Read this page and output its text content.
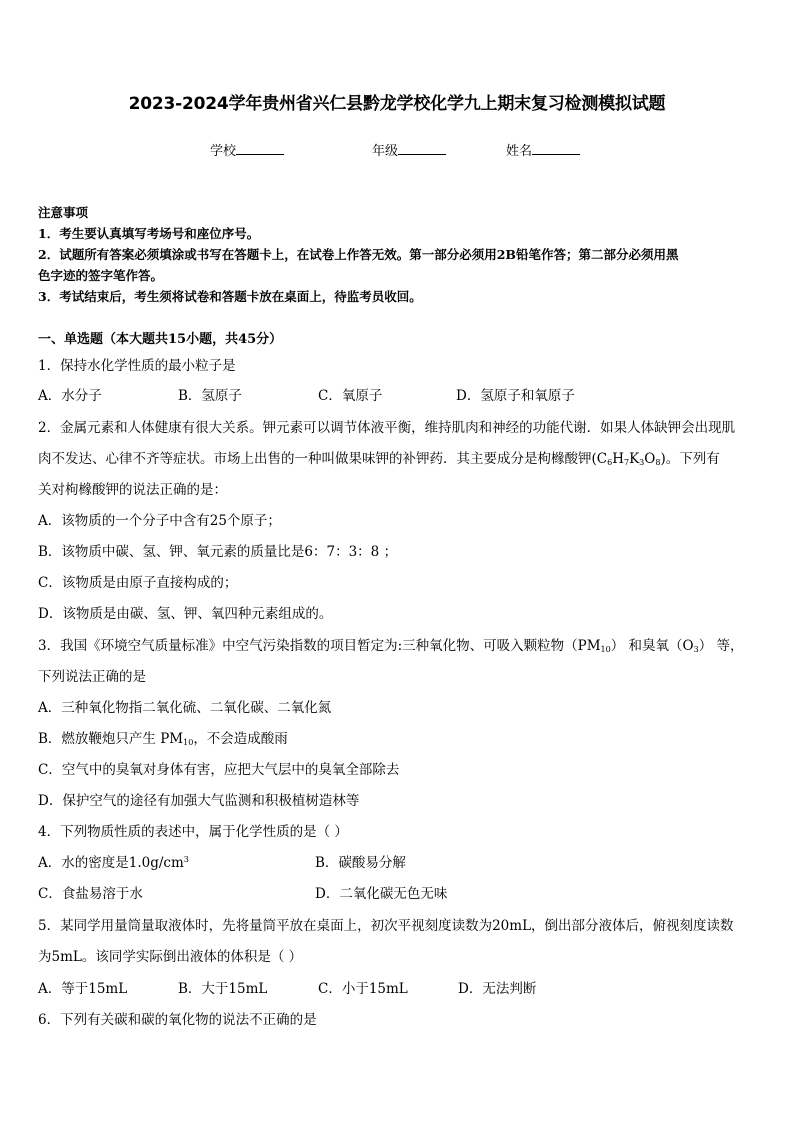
2023-2024学年贵州省兴仁县黔龙学校化学九上期末复习检测模拟试题
学校	年级	姓名
注意事项
1．考生要认真填写考场号和座位序号。
2．试题所有答案必须填涂或书写在答题卡上，在试卷上作答无效。第一部分必须用2B铅笔作答；第二部分必须用黑
色字迹的签字笔作答。
3．考试结束后，考生须将试卷和答题卡放在桌面上，待监考员收回。
一、单选题（本大题共15小题，共45分）
1．保持水化学性质的最小粒子是
A．水分子	B．氢原子	C．氧原子	D．氢原子和氧原子
2．金属元素和人体健康有很大关系。钾元素可以调节体液平衡，维持肌肉和神经的功能代谢．如果人体缺钾会出现肌
肉不发达、心律不齐等症状。市场上出售的一种叫做果味钾的补钾药．其主要成分是枸橼酸钾$(C_6H_7K_3O_8)$。下列有
关对枸橼酸钾的说法正确的是：
A．该物质的一个分子中含有25个原子；
B．该物质中碳、氢、钾、氧元素的质量比是6：7：3：8 ；
C．该物质是由原子直接构成的；
D．该物质是由碳、氢、钾、氧四种元素组成的。
3．我国《环境空气质量标准》中空气污染指数的项目暂定为:三种氧化物、可吸入颗粒物$(PM_{10})$ 和臭氧$(O_3)$ 等，
下列说法正确的是
A．三种氧化物指二氧化硫、二氧化碳、二氧化氮
B．燃放鞭炮只产生 $PM_{10}$，不会造成酸雨
C．空气中的臭氧对身体有害，应把大气层中的臭氧全部除去
D．保护空气的途径有加强大气监测和积极植树造林等
4．下列物质性质的表述中，属于化学性质的是（ ）
A．水的密度是$1.0g/cm^3$	B．碳酸易分解
C．食盐易溶于水	D．二氧化碳无色无味
5．某同学用量筒量取液体时，先将量筒平放在桌面上，初次平视刻度读数为20mL，倒出部分液体后，俯视刻度读数
为5mL。该同学实际倒出液体的体积是（ ）
A．等于15mL	B．大于15mL	C．小于15mL	D．无法判断
6．下列有关碳和碳的氧化物的说法不正确的是
